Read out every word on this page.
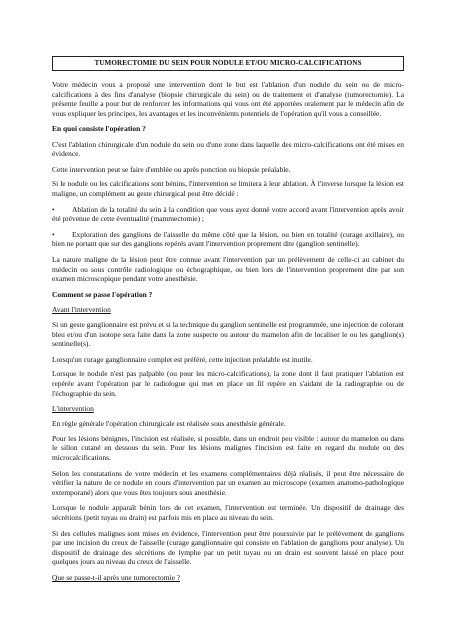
TUMORECTOMIE DU SEIN POUR NODULE ET/OU MICRO-CALCIFICATIONS

Votre médecin vous a proposé une intervention dont le but est l'ablation d'un nodule du sein ou de micro-calcifications à des fins d'analyse (biopsie chirurgicale du sein) ou de traitement et d'analyse (tumorectomie). La présente feuille a pour but de renforcer les informations qui vous ont été apportées oralement par le médecin afin de vous expliquer les principes, les avantages et les inconvénients potentiels de l'opération qu'il vous a conseillée.

En quoi consiste l'opération ?

C'est l'ablation chirurgicale d'un nodule du sein ou d'une zone dans laquelle des micro-calcifications ont été mises en évidence.

Cette intervention peut se faire d'emblée ou après ponction ou biopsie préalable.

Si le nodule ou les calcifications sont bénins, l'intervention se limitera à leur ablation. À l'inverse lorsque la lésion est maligne, un complément au geste chirurgical peut être décidé :

• Ablation de la totalité du sein à la condition que vous ayez donné votre accord avant l'intervention après avoir été prévenue de cette éventualité (mammectomie) ;

• Exploration des ganglions de l'aisselle du même côté que la lésion, ou bien en totalité (curage axillaire), ou bien ne portant que sur des ganglions repérés avant l'intervention proprement dite (ganglion sentinelle).

La nature maligne de la lésion peut être connue avant l'intervention par un prélèvement de celle-ci au cabinet du médecin ou sous contrôle radiologique ou échographique, ou bien lors de l'intervention proprement dite par son examen microscopique pendant votre anesthésie.

Comment se passe l'opération ?

Avant l'intervention

Si un geste ganglionnaire est prévu et si la technique du ganglion sentinelle est programmée, une injection de colorant bleu et/ou d'un isotope sera faite dans la zone suspecte ou autour du mamelon afin de localiser le ou les ganglion(s) sentinelle(s).

Lorsqu'un curage ganglionnaire complet est préféré, cette injection préalable est inutile.

Lorsque le nodule n'est pas palpable (ou pour les micro-calcifications), la zone dont il faut pratiquer l'ablation est repérée avant l'opération par le radiologue qui met en place un fil repère en s'aidant de la radiographie ou de l'échographie du sein.

L'intervention

En règle générale l'opération chirurgicale est réalisée sous anesthésie générale.

Pour les lésions bénignes, l'incision est réalisée, si possible, dans un endroit peu visible : autour du mamelon ou dans le sillon cutané en dessous du sein. Pour les lésions malignes l'incision est faite en regard du nodule ou des microcalcifications.

Selon les constatations de votre médecin et les examens complémentaires déjà réalisés, il peut être nécessaire de vérifier la nature de ce nodule en cours d'intervention par un examen au microscope (examen anatomo-pathologique extemporané) alors que vous êtes toujours sous anesthésie.

Lorsque le nodule apparaît bénin lors de cet examen, l'intervention est terminée. Un dispositif de drainage des sécrétions (petit tuyau ou drain) est parfois mis en place au niveau du sein.

Si des cellules malignes sont mises en évidence, l'intervention peut être poursuivie par le prélèvement de ganglions par une incision du creux de l'aisselle (curage ganglionnaire qui consiste en l'ablation de ganglions pour analyse). Un dispositif de drainage des sécrétions de lymphe par un petit tuyau ou un drain est souvent laissé en place pour quelques jours au niveau du creux de l'aisselle.

Que se passe-t-il après une tumorectomie ?
